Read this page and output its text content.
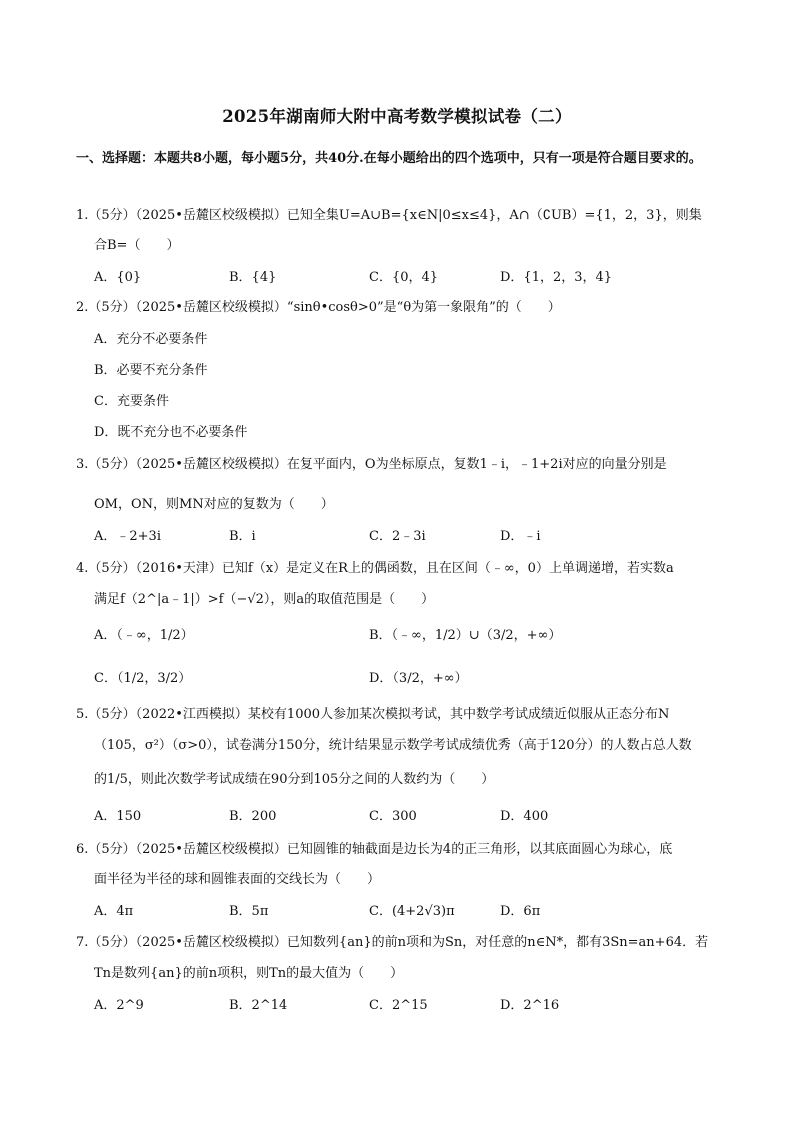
2025年湖南师大附中高考数学模拟试卷（二）
一、选择题：本题共8小题，每小题5分，共40分.在每小题给出的四个选项中，只有一项是符合题目要求的。
1.（5分）（2025•岳麓区校级模拟）已知全集U=A∪B={x∈N|0≤x≤4}，A∩（∁UB）={1，2，3}，则集
合B=（　　）
A．{0}	B．{4}	C．{0，4}	D．{1，2，3，4}
2.（5分）（2025•岳麓区校级模拟）“sinθ•cosθ>0”是“θ为第一象限角”的（　　）
A．充分不必要条件
B．必要不充分条件
C．充要条件
D．既不充分也不必要条件
3.（5分）（2025•岳麓区校级模拟）在复平面内，O为坐标原点，复数1﹣i，﹣1+2i对应的向量分别是
OM，ON，则MN对应的复数为（　　）
A．﹣2+3i	B．i	C．2﹣3i	D．﹣i
4.（5分）（2016•天津）已知f（x）是定义在R上的偶函数，且在区间（﹣∞，0）上单调递增，若实数a
满足f（2^|a﹣1|）>f（−√2），则a的取值范围是（　　）
A．（﹣∞，1/2）	B．（﹣∞，1/2）∪（3/2，+∞）
C．（1/2，3/2）	D．（3/2，+∞）
5.（5分）（2022•江西模拟）某校有1000人参加某次模拟考试，其中数学考试成绩近似服从正态分布N
（105，σ²）（σ>0），试卷满分150分，统计结果显示数学考试成绩优秀（高于120分）的人数占总人数
的1/5，则此次数学考试成绩在90分到105分之间的人数约为（　　）
A．150	B．200	C．300	D．400
6.（5分）（2025•岳麓区校级模拟）已知圆锥的轴截面是边长为4的正三角形，以其底面圆心为球心，底
面半径为半径的球和圆锥表面的交线长为（　　）
A．4π	B．5π	C．(4+2√3)π	D．6π
7.（5分）（2025•岳麓区校级模拟）已知数列{an}的前n项和为Sn，对任意的n∈N*，都有3Sn=an+64．若
Tn是数列{an}的前n项积，则Tn的最大值为（　　）
A．2^9	B．2^14	C．2^15	D．2^16
